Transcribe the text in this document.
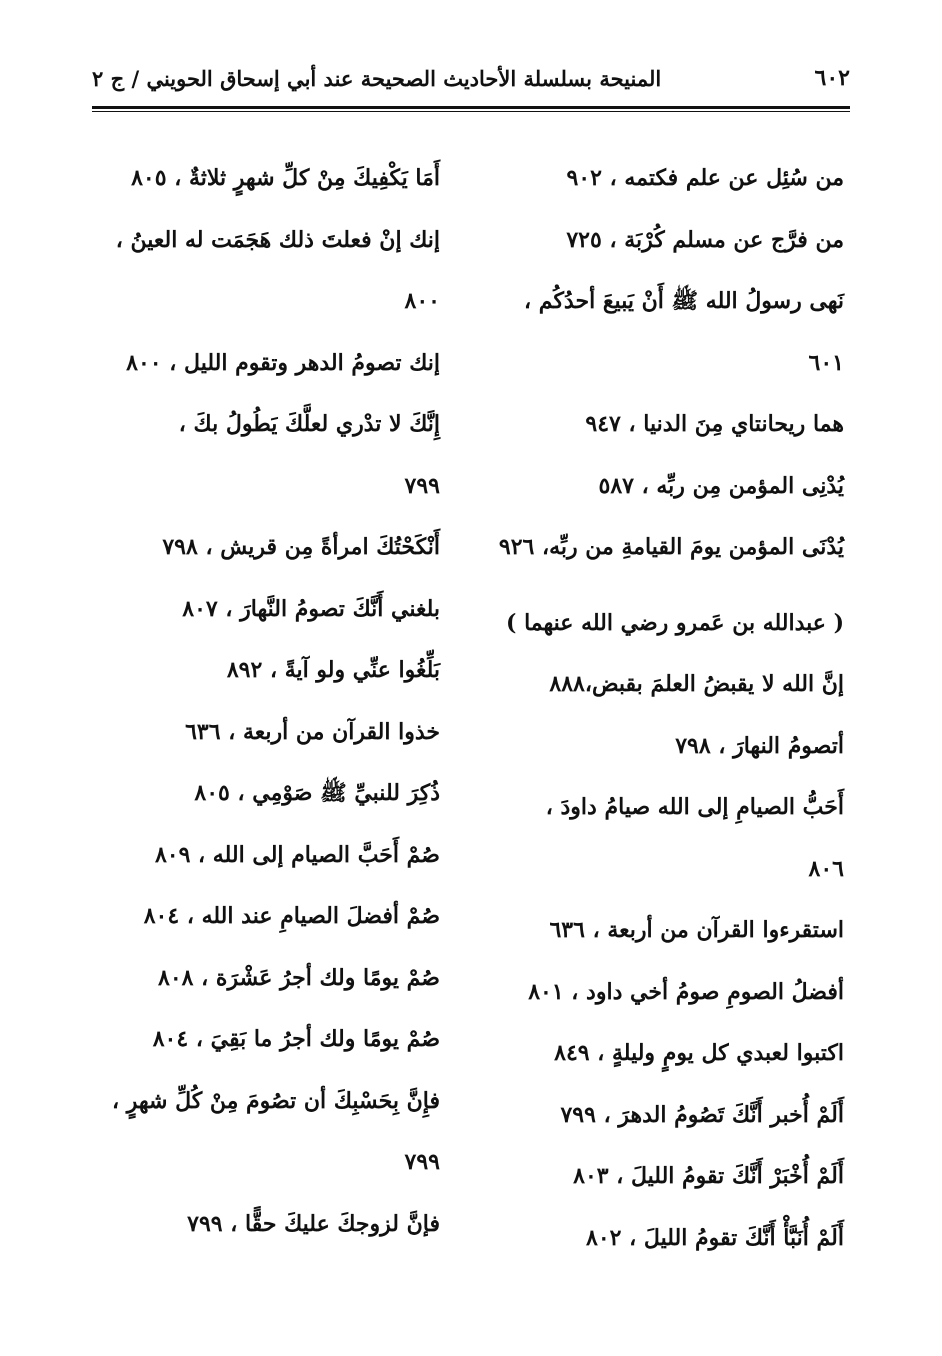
٦٠٢
المنيحة بسلسلة الأحاديث الصحيحة عند أبي إسحاق الحويني / ج ٢
من سُئِل عن علم فكتمه ، ٩٠٢
من فرَّج عن مسلم كُرْبَة ، ٧٢٥
نَهى رسولُ الله ﷺ أَنْ يَبيعَ أحدُكُم ،
٦٠١
هما ريحانتاي مِنَ الدنيا ، ٩٤٧
يُدْنِى المؤمن مِن ربِّه ، ٥٨٧
يُدْنَى المؤمن يومَ القيامةِ من ربِّه، ٩٢٦
( عبدالله بن عَمرو رضي الله عنهما )
إنَّ الله لا يقبضُ العلمَ بقبض،٨٨٨
أتصومُ النهارَ ، ٧٩٨
أَحَبُّ الصيامِ إلى الله صيامُ داودَ ،
٨٠٦
استقرءوا القرآن من أربعة ، ٦٣٦
أفضلُ الصومِ صومُ أخي داود ، ٨٠١
اكتبوا لعبدي كل يومٍ وليلةٍ ، ٨٤٩
أَلَمْ أُخبر أَنَّكَ تَصُومُ الدهرَ ، ٧٩٩
أَلَمْ أُخْبَرْ أَنَّكَ تقومُ الليلَ ، ٨٠٣
أَلَمْ أُنَبَّأْ أَنَّكَ تقومُ الليلَ ، ٨٠٢
أَمَا يَكْفِيكَ مِنْ كلِّ شهرٍ ثلاثةٌ ، ٨٠٥
إنك إنْ فعلتَ ذلك هَجَمَت له العينُ ،
٨٠٠
إنك تصومُ الدهر وتقوم الليل ، ٨٠٠
إِنَّكَ لا تدْري لعلَّكَ يَطُولُ بكَ ،
٧٩٩
أَنْكَحْتُكَ امرأةً مِن قريش ، ٧٩٨
بلغني أَنَّكَ تصومُ النَّهارَ ، ٨٠٧
بَلِّغُوا عنِّي ولو آيةً ، ٨٩٢
خذوا القرآن من أربعة ، ٦٣٦
ذُكِرَ للنبيِّ ﷺ صَوْمِي ، ٨٠٥
صُمْ أَحَبَّ الصيام إلى الله ، ٨٠٩
صُمْ أفضلَ الصيامِ عند الله ، ٨٠٤
صُمْ يومًا ولك أجرُ عَشْرَة ، ٨٠٨
صُمْ يومًا ولك أجرُ ما بَقِيَ ، ٨٠٤
فإِنَّ بِحَسْبِكَ أن تصُومَ مِنْ كُلِّ شهرٍ ،
٧٩٩
فإنَّ لزوجكَ عليكَ حقًّا ، ٧٩٩
